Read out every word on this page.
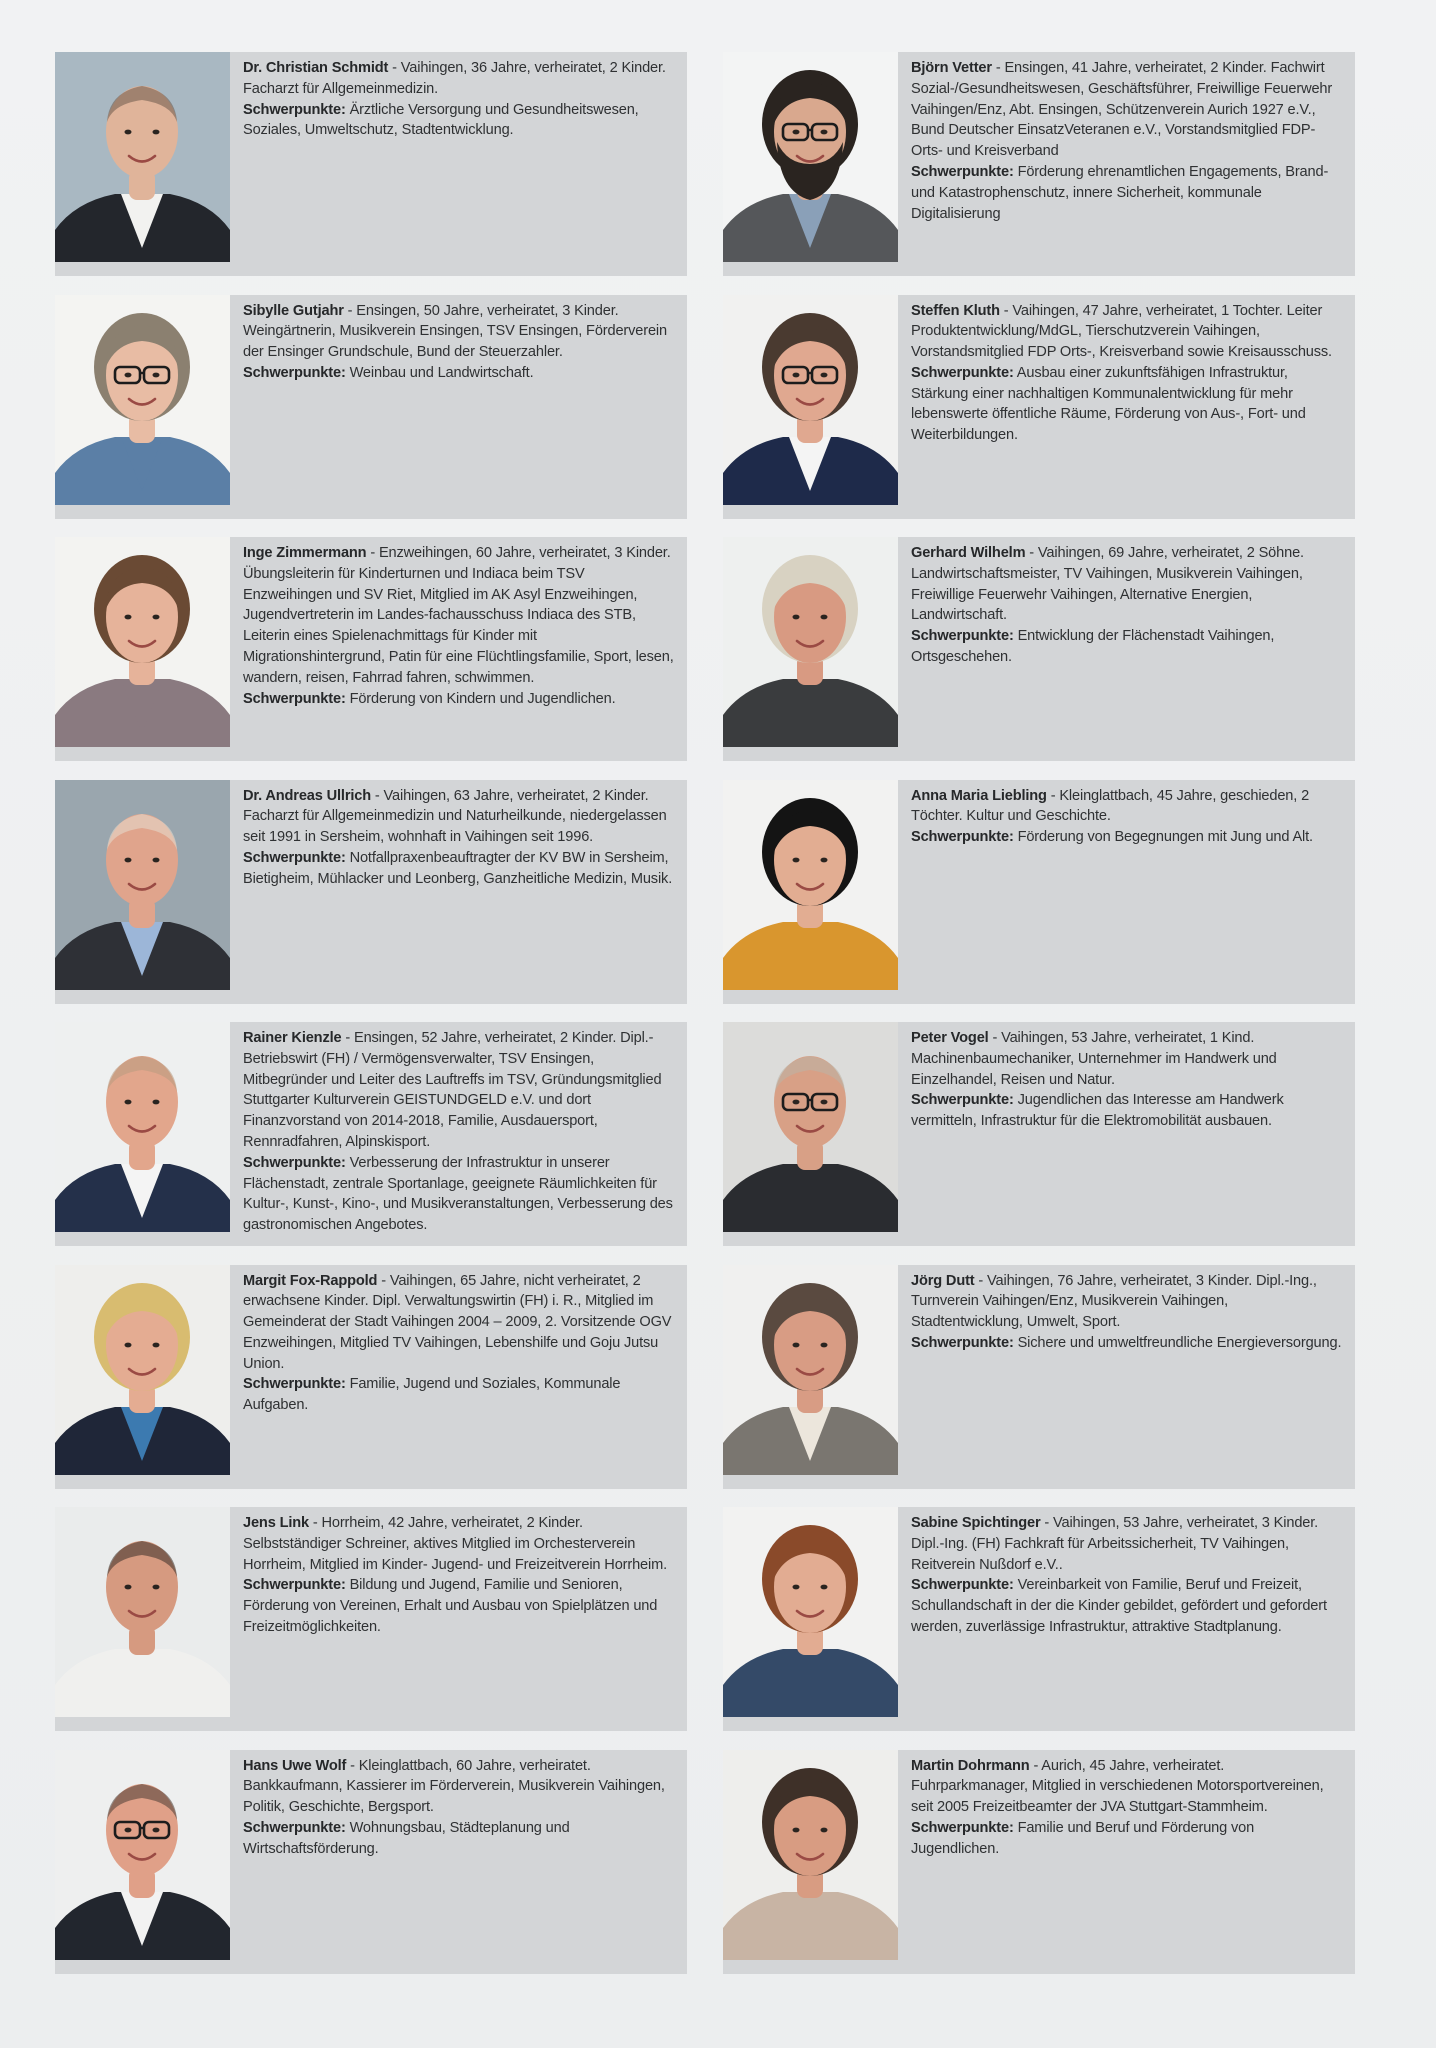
Dr. Christian Schmidt - Vaihingen, 36 Jahre, verheiratet, 2 Kinder. Facharzt für Allgemeinmedizin.

Schwerpunkte: Ärztliche Versorgung und Gesundheitswesen, Soziales, Umweltschutz, Stadtentwicklung.

Björn Vetter - Ensingen, 41 Jahre, verheiratet, 2 Kinder. Fachwirt Sozial-/Gesundheitswesen, Geschäftsführer, Freiwillige Feuerwehr Vaihingen/Enz, Abt. Ensingen, Schützenverein Aurich 1927 e.V., Bund Deutscher EinsatzVeteranen e.V., Vorstandsmitglied FDP-Orts- und Kreisverband

Schwerpunkte: Förderung ehrenamtlichen Engagements, Brand- und Katastrophenschutz, innere Sicherheit, kommunale Digitalisierung

Sibylle Gutjahr - Ensingen, 50 Jahre, verheiratet, 3 Kinder. Weingärtnerin, Musikverein Ensingen, TSV Ensingen, Förderverein der Ensinger Grundschule, Bund der Steuerzahler.

Schwerpunkte: Weinbau und Landwirtschaft.

Steffen Kluth - Vaihingen, 47 Jahre, verheiratet, 1 Tochter. Leiter Produktentwicklung/MdGL, Tierschutzverein Vaihingen, Vorstandsmitglied FDP Orts-, Kreisverband sowie Kreisausschuss.

Schwerpunkte: Ausbau einer zukunftsfähigen Infrastruktur, Stärkung einer nachhaltigen Kommunalentwicklung für mehr lebenswerte öffentliche Räume, Förderung von Aus-, Fort- und Weiterbildungen.

Inge Zimmermann - Enzweihingen, 60 Jahre, verheiratet, 3 Kinder. Übungsleiterin für Kinderturnen und Indiaca beim TSV Enzweihingen und SV Riet, Mitglied im AK Asyl Enzweihingen, Jugendvertreterin im Landes-fachausschuss Indiaca des STB, Leiterin eines Spielenachmittags für Kinder mit Migrationshintergrund, Patin für eine Flüchtlingsfamilie, Sport, lesen, wandern, reisen, Fahrrad fahren, schwimmen.

Schwerpunkte: Förderung von Kindern und Jugendlichen.

Gerhard Wilhelm - Vaihingen, 69 Jahre, verheiratet, 2 Söhne. Landwirtschaftsmeister, TV Vaihingen, Musikverein Vaihingen, Freiwillige Feuerwehr Vaihingen, Alternative Energien, Landwirtschaft.

Schwerpunkte: Entwicklung der Flächenstadt Vaihingen, Ortsgeschehen.

Dr. Andreas Ullrich - Vaihingen, 63 Jahre, verheiratet, 2 Kinder. Facharzt für Allgemeinmedizin und Naturheilkunde, niedergelassen seit 1991 in Sersheim, wohnhaft in Vaihingen seit 1996.

Schwerpunkte: Notfallpraxenbeauftragter der KV BW in Sersheim, Bietigheim, Mühlacker und Leonberg, Ganzheitliche Medizin, Musik.

Anna Maria Liebling - Kleinglattbach, 45 Jahre, geschieden, 2 Töchter. Kultur und Geschichte.

Schwerpunkte: Förderung von Begegnungen mit Jung und Alt.

Rainer Kienzle - Ensingen, 52 Jahre, verheiratet, 2 Kinder. Dipl.-Betriebswirt (FH) / Vermögensverwalter, TSV Ensingen, Mitbegründer und Leiter des Lauftreffs im TSV, Gründungsmitglied Stuttgarter Kulturverein GEISTUNDGELD e.V. und dort Finanzvorstand von 2014-2018, Familie, Ausdauersport, Rennradfahren, Alpinskisport.

Schwerpunkte: Verbesserung der Infrastruktur in unserer Flächenstadt, zentrale Sportanlage, geeignete Räumlichkeiten für Kultur-, Kunst-, Kino-, und Musikveranstaltungen, Verbesserung des gastronomischen Angebotes.

Peter Vogel - Vaihingen, 53 Jahre, verheiratet, 1 Kind. Machinenbaumechaniker, Unternehmer im Handwerk und Einzelhandel, Reisen und Natur.

Schwerpunkte: Jugendlichen das Interesse am Handwerk vermitteln, Infrastruktur für die Elektromobilität ausbauen.

Margit Fox-Rappold - Vaihingen, 65 Jahre, nicht verheiratet, 2 erwachsene Kinder. Dipl. Verwaltungswirtin (FH) i. R., Mitglied im Gemeinderat der Stadt Vaihingen 2004 – 2009, 2. Vorsitzende OGV Enzweihingen, Mitglied TV Vaihingen, Lebenshilfe und Goju Jutsu Union.

Schwerpunkte: Familie, Jugend und Soziales, Kommunale Aufgaben.

Jörg Dutt - Vaihingen, 76 Jahre, verheiratet, 3 Kinder. Dipl.-Ing., Turnverein Vaihingen/Enz, Musikverein Vaihingen, Stadtentwicklung, Umwelt, Sport.

Schwerpunkte: Sichere und umweltfreundliche Energieversorgung.

Jens Link - Horrheim, 42 Jahre, verheiratet, 2 Kinder. Selbstständiger Schreiner, aktives Mitglied im Orchesterverein Horrheim, Mitglied im Kinder- Jugend- und Freizeitverein Horrheim.

Schwerpunkte: Bildung und Jugend, Familie und Senioren, Förderung von Vereinen, Erhalt und Ausbau von Spielplätzen und Freizeitmöglichkeiten.

Sabine Spichtinger - Vaihingen, 53 Jahre, verheiratet, 3 Kinder. Dipl.-Ing. (FH) Fachkraft für Arbeitssicherheit, TV Vaihingen, Reitverein Nußdorf e.V..

Schwerpunkte: Vereinbarkeit von Familie, Beruf und Freizeit, Schullandschaft in der die Kinder gebildet, gefördert und gefordert werden, zuverlässige Infrastruktur, attraktive Stadtplanung.

Hans Uwe Wolf - Kleinglattbach, 60 Jahre, verheiratet. Bankkaufmann, Kassierer im Förderverein, Musikverein Vaihingen, Politik, Geschichte, Bergsport.

Schwerpunkte: Wohnungsbau, Städteplanung und Wirtschaftsförderung.

Martin Dohrmann - Aurich, 45 Jahre, verheiratet. Fuhrparkmanager, Mitglied in verschiedenen Motorsportvereinen, seit 2005 Freizeitbeamter der JVA Stuttgart-Stammheim.

Schwerpunkte: Familie und Beruf und Förderung von Jugendlichen.
